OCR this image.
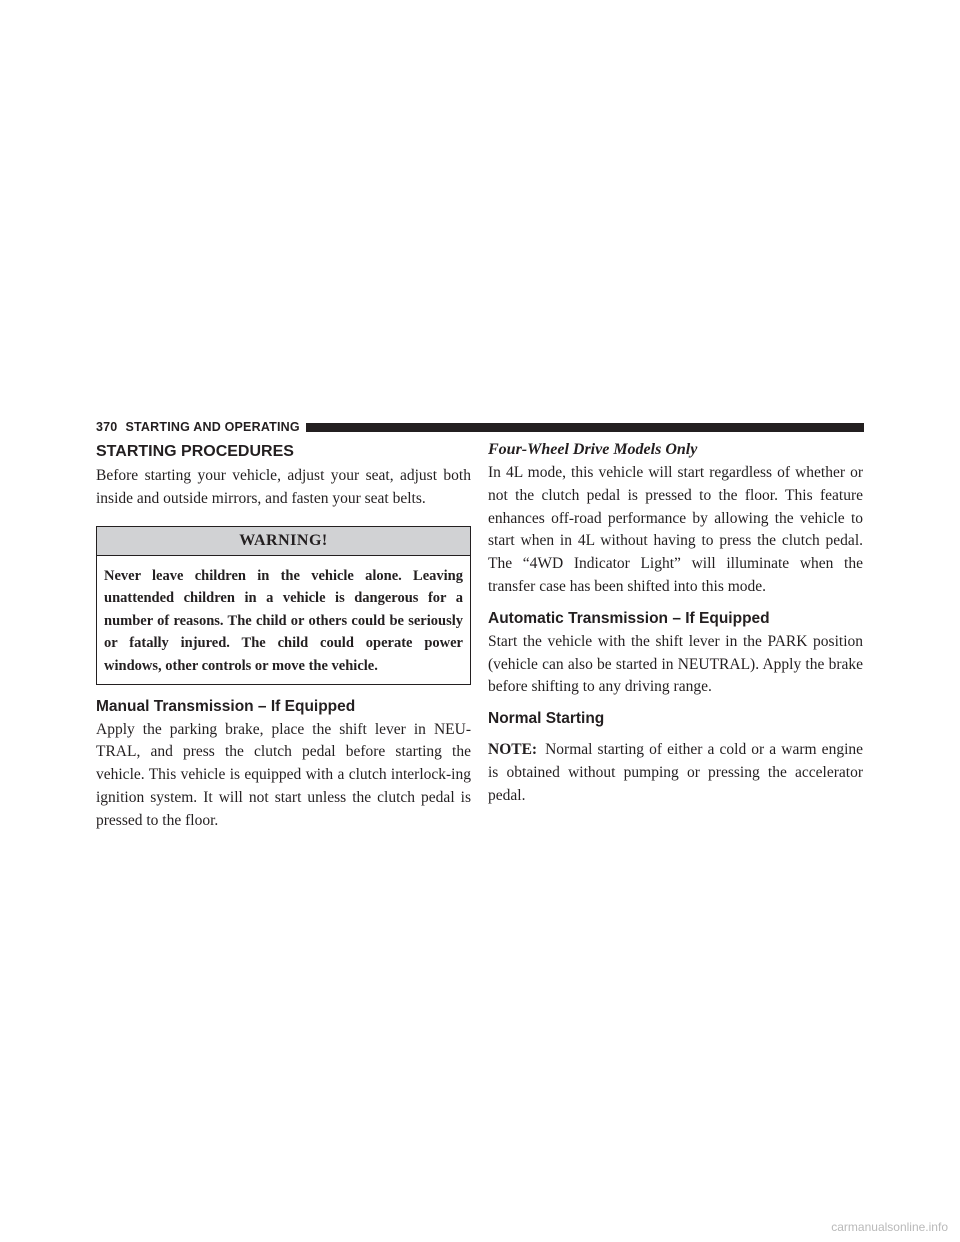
370 STARTING AND OPERATING
STARTING PROCEDURES

Before starting your vehicle, adjust your seat, adjust both inside and outside mirrors, and fasten your seat belts.

WARNING!
Never leave children in the vehicle alone. Leaving unattended children in a vehicle is dangerous for a number of reasons. The child or others could be seriously or fatally injured. The child could operate power windows, other controls or move the vehicle.
Manual Transmission – If Equipped

Apply the parking brake, place the shift lever in NEU-TRAL, and press the clutch pedal before starting the vehicle. This vehicle is equipped with a clutch interlock-ing ignition system. It will not start unless the clutch pedal is pressed to the floor.

Four-Wheel Drive Models Only

In 4L mode, this vehicle will start regardless of whether or not the clutch pedal is pressed to the floor. This feature enhances off-road performance by allowing the vehicle to start when in 4L without having to press the clutch pedal. The “4WD Indicator Light” will illuminate when the transfer case has been shifted into this mode.

Automatic Transmission – If Equipped

Start the vehicle with the shift lever in the PARK position (vehicle can also be started in NEUTRAL). Apply the brake before shifting to any driving range.

Normal Starting

NOTE: Normal starting of either a cold or a warm engine is obtained without pumping or pressing the accelerator pedal.

carmanualsonline.info
